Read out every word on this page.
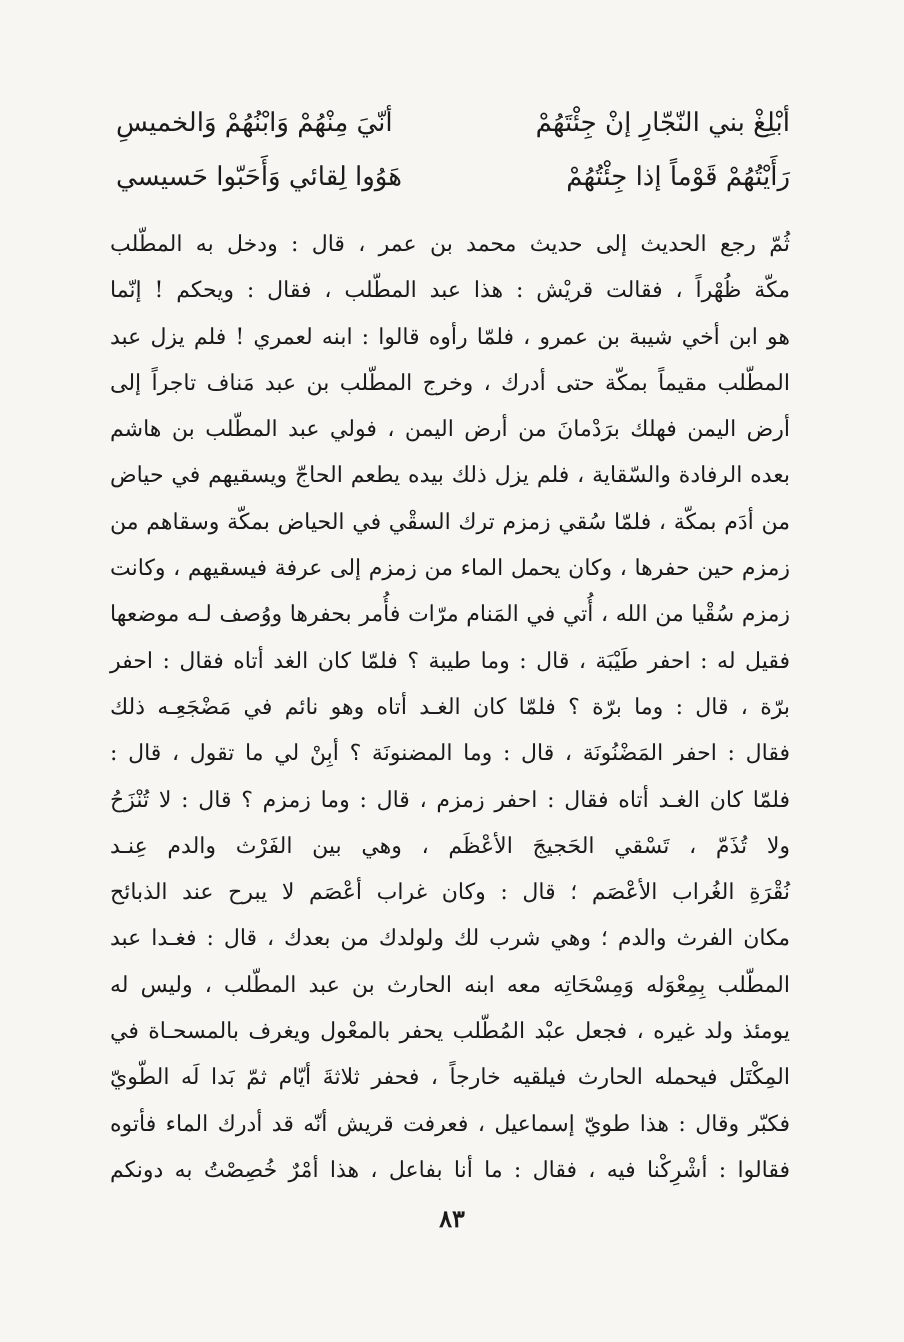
أبْلِغْ بني النّجّارِ إنْ جِئْتَهُمْ
أنّيَ مِنْهُمْ وَابْنُهُمْ وَالخميسِ
رَأَيْتُهُمْ قَوْماً إذا جِئْتُهُمْ
هَوُوا لِقائي وَأَحَبّوا حَسيسي
ثُمّ رجع الحديث إلى حديث محمد بن عمر ، قال : ودخل به المطّلب
مكّة ظُهْراً ، فقالت قريْش : هذا عبد المطّلب ، فقال : ويحكم ! إنّما
هو ابن أخي شيبة بن عمرو ، فلمّا رأوه قالوا : ابنه لعمري ! فلم يزل عبد
المطّلب مقيماً بمكّة حتى أدرك ، وخرج المطّلب بن عبد مَناف تاجراً إلى
أرض اليمن فهلك برَدْمانَ من أرض اليمن ، فولي عبد المطّلب بن هاشم
بعده الرفادة والسّقاية ، فلم يزل ذلك بيده يطعم الحاجّ ويسقيهم في حياض
من أدَم بمكّة ، فلمّا سُقي زمزم ترك السقْي في الحياض بمكّة وسقاهم من
زمزم حين حفرها ، وكان يحمل الماء من زمزم إلى عرفة فيسقيهم ، وكانت
زمزم سُقْيا من الله ، أُتي في المَنام مرّات فأُمر بحفرها ووُصف لـه موضعها
فقيل له : احفر طَيْبَة ، قال : وما طيبة ؟ فلمّا كان الغد أتاه فقال : احفر
برّة ، قال : وما برّة ؟ فلمّا كان الغـد أتاه وهو نائم في مَضْجَعِـه ذلك
فقال : احفر المَضْنُونَة ، قال : وما المضنونَة ؟ أبِنْ لي ما تقول ، قال :
فلمّا كان الغـد أتاه فقال : احفر زمزم ، قال : وما زمزم ؟ قال : لا تُنْزَحُ
ولا تُذَمّ ، تَسْقي الحَجيجَ الأعْظَم ، وهي بين الفَرْث والدم عِنـد
نُقْرَةِ الغُراب الأعْصَم ؛ قال : وكان غراب أعْصَم لا يبرح عند الذبائح
مكان الفرث والدم ؛ وهي شرب لك ولولدك من بعدك ، قال : فغـدا عبد
المطّلب بِمِعْوَله وَمِسْحَاتِه معه ابنه الحارث بن عبد المطّلب ، وليس له
يومئذ ولد غيره ، فجعل عبْد المُطّلب يحفر بالمعْول ويغرف بالمسحـاة في
المِكْتَل فيحمله الحارث فيلقيه خارجاً ، فحفر ثلاثةَ أيّام ثمّ بَدا لَه الطّويّ
فكبّر وقال : هذا طويّ إسماعيل ، فعرفت قريش أنّه قد أدرك الماء فأتوه
فقالوا : أشْرِكْنا فيه ، فقال : ما أنا بفاعل ، هذا أمْرٌ خُصِصْتُ به دونكم
٨٣
